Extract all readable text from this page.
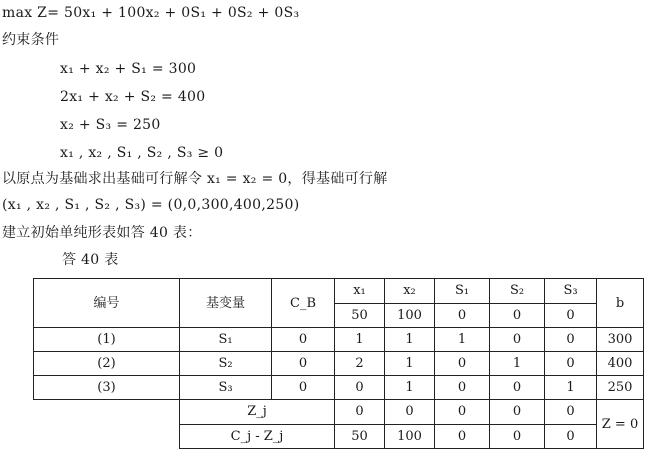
max Z= 50x₁ + 100x₂ + 0S₁ + 0S₂ + 0S₃
约束条件
x₁ + x₂ + S₁ = 300
2x₁ + x₂ + S₂ = 400
x₂ + S₃ = 250
x₁ , x₂ , S₁ , S₂ , S₃ ≥ 0
以原点为基础求出基础可行解令 x₁ = x₂ = 0，得基础可行解
(x₁ , x₂ , S₁ , S₂ , S₃) = (0,0,300,400,250)
建立初始单纯形表如答 40 表：
答 40 表
编号	基变量	C_B	x₁	x₂	S₁	S₂	S₃	b
			50	100	0	0	0	
(1)	S₁	0	1	1	1	0	0	300
(2)	S₂	0	2	1	0	1	0	400
(3)	S₃	0	0	1	0	0	1	250
	Z_j		0	0	0	0	0	Z = 0
	C_j - Z_j		50	100	0	0	0	
